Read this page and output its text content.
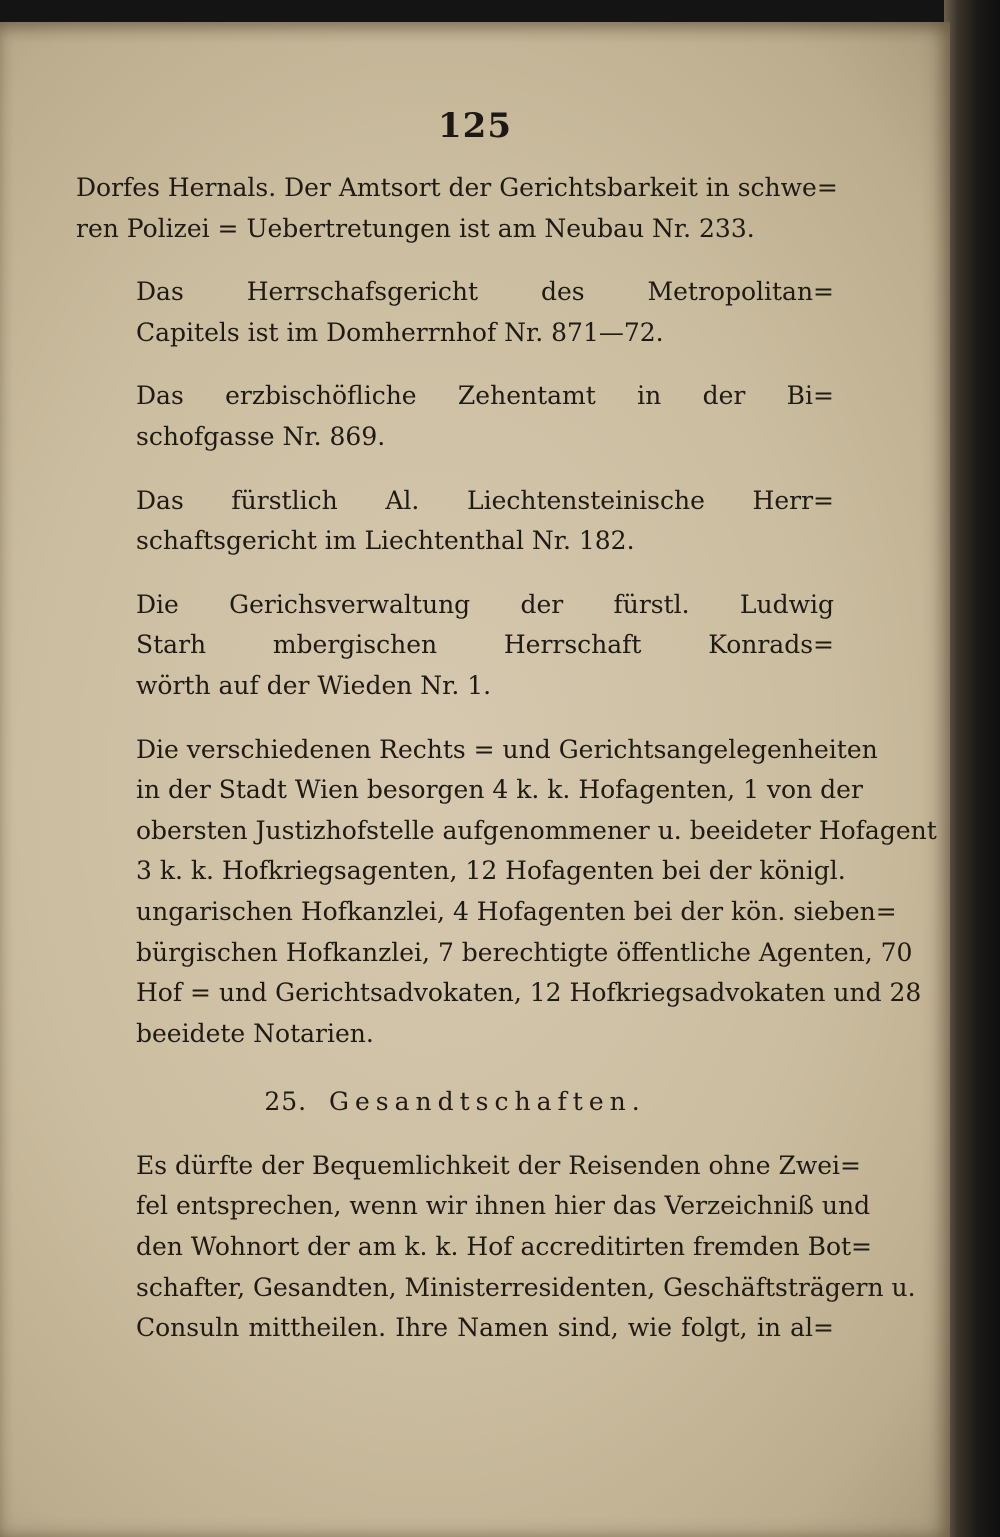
125

Dorfes Hernals. Der Amtsort der Gerichtsbarkeit in schwe=
ren Polizei = Uebertretungen ist am Neubau Nr. 233.

Das Herrschafsgericht des Metropolitan=
Capitels ist im Domherrnhof Nr. 871—72.

Das erzbischöfliche Zehentamt in der Bi=
schofgasse Nr. 869.

Das fürstlich Al. Liechtensteinische Herr=
schaftsgericht im Liechtenthal Nr. 182.

Die Gerichsverwaltung der fürstl. Ludwig
Starh mbergischen Herrschaft Konrads=
wörth auf der Wieden Nr. 1.

Die verschiedenen Rechts = und Gerichtsangelegenheiten
in der Stadt Wien besorgen 4 k. k. Hofagenten, 1 von der
obersten Justizhofstelle aufgenommener u. beeideter Hofagent
3 k. k. Hofkriegsagenten, 12 Hofagenten bei der königl.
ungarischen Hofkanzlei, 4 Hofagenten bei der kön. sieben=
bürgischen Hofkanzlei, 7 berechtigte öffentliche Agenten, 70
Hof = und Gerichtsadvokaten, 12 Hofkriegsadvokaten und 28
beeidete Notarien.

25. Gesandtschaften.

Es dürfte der Bequemlichkeit der Reisenden ohne Zwei=
fel entsprechen, wenn wir ihnen hier das Verzeichniß und
den Wohnort der am k. k. Hof accreditirten fremden Bot=
schafter, Gesandten, Ministerresidenten, Geschäftsträgern u.
Consuln mittheilen. Ihre Namen sind, wie folgt, in al=
